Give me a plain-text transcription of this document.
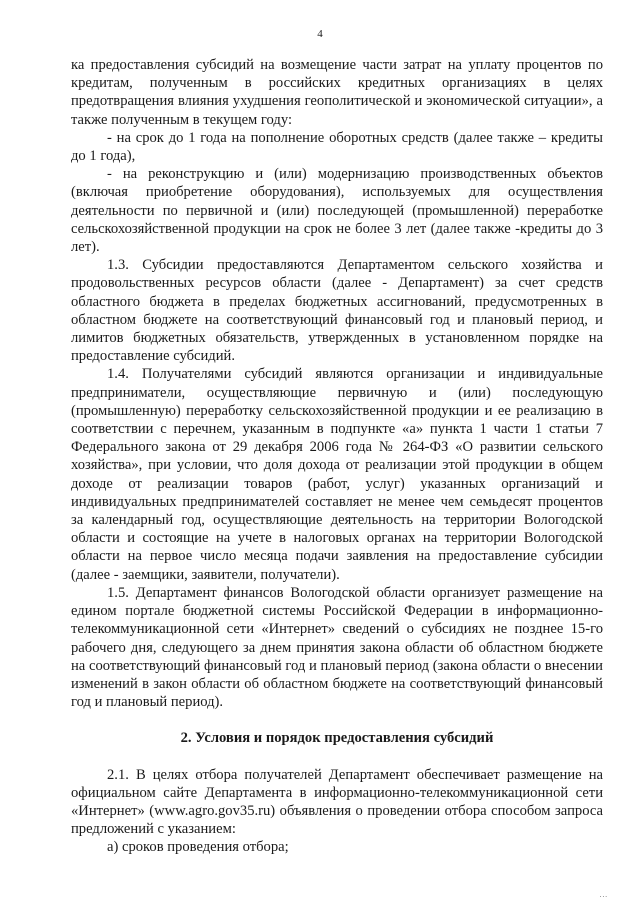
4

ка предоставления субсидий на возмещение части затрат на уплату процентов по кредитам, полученным в российских кредитных организациях в целях предотвращения влияния ухудшения геополитической и экономической ситуации», а также полученным в текущем году:

- на срок до 1 года на пополнение оборотных средств (далее также – кредиты до 1 года),

- на реконструкцию и (или) модернизацию производственных объектов (включая приобретение оборудования), используемых для осуществления деятельности по первичной и (или) последующей (промышленной) переработке сельскохозяйственной продукции на срок не более 3 лет (далее также -кредиты до 3 лет).

1.3. Субсидии предоставляются Департаментом сельского хозяйства и продовольственных ресурсов области (далее - Департамент) за счет средств областного бюджета в пределах бюджетных ассигнований, предусмотренных в областном бюджете на соответствующий финансовый год и плановый период, и лимитов бюджетных обязательств, утвержденных в установленном порядке на предоставление субсидий.

1.4. Получателями субсидий являются организации и индивидуальные предприниматели, осуществляющие первичную и (или) последующую (промышленную) переработку сельскохозяйственной продукции и ее реализацию в соответствии с перечнем, указанным в подпункте «а» пункта 1 части 1 статьи 7 Федерального закона от 29 декабря 2006 года № 264-ФЗ «О развитии сельского хозяйства», при условии, что доля дохода от реализации этой продукции в общем доходе от реализации товаров (работ, услуг) указанных организаций и индивидуальных предпринимателей составляет не менее чем семьдесят процентов за календарный год, осуществляющие деятельность на территории Вологодской области и состоящие на учете в налоговых органах на территории Вологодской области на первое число месяца подачи заявления на предоставление субсидии (далее - заемщики, заявители, получатели).

1.5. Департамент финансов Вологодской области организует размещение на едином портале бюджетной системы Российской Федерации в информационно-телекоммуникационной сети «Интернет» сведений о субсидиях не позднее 15-го рабочего дня, следующего за днем принятия закона области об областном бюджете на соответствующий финансовый год и плановый период (закона области о внесении изменений в закон области об областном бюджете на соответствующий финансовый год и плановый период).

2. Условия и порядок предоставления субсидий

2.1. В целях отбора получателей Департамент обеспечивает размещение на официальном сайте Департамента в информационно-телекоммуникационной сети «Интернет» (www.agro.gov35.ru) объявления о проведении отбора способом запроса предложений с указанием:

а) сроков проведения отбора;

...
